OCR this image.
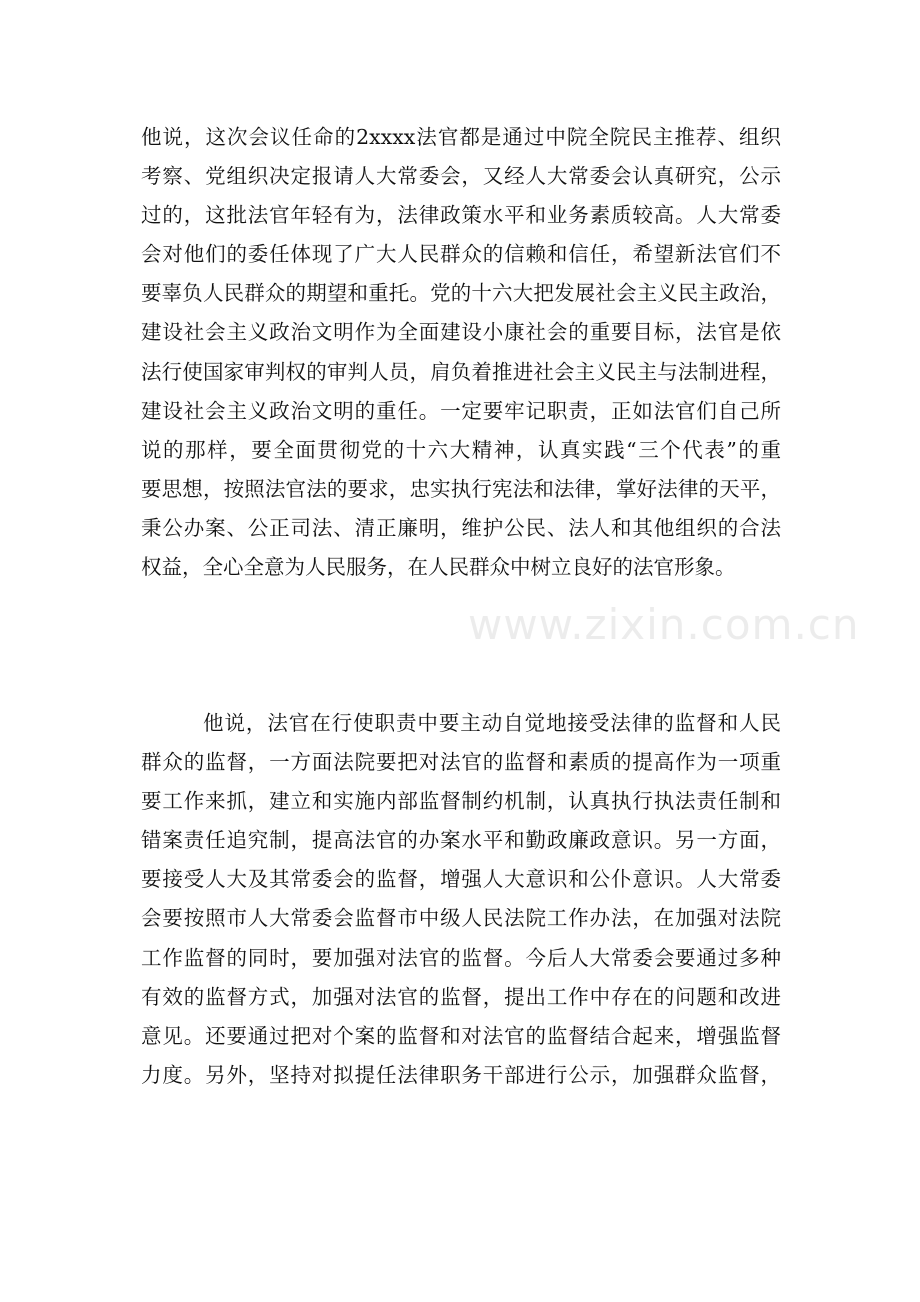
他说，这次会议任命的2xxxx法官都是通过中院全院民主推荐、组织
考察、党组织决定报请人大常委会，又经人大常委会认真研究，公示
过的，这批法官年轻有为，法律政策水平和业务素质较高。人大常委
会对他们的委任体现了广大人民群众的信赖和信任，希望新法官们不
要辜负人民群众的期望和重托。党的十六大把发展社会主义民主政治，
建设社会主义政治文明作为全面建设小康社会的重要目标，法官是依
法行使国家审判权的审判人员，肩负着推进社会主义民主与法制进程，
建设社会主义政治文明的重任。一定要牢记职责，正如法官们自己所
说的那样，要全面贯彻党的十六大精神，认真实践“三个代表”的重
要思想，按照法官法的要求，忠实执行宪法和法律，掌好法律的天平，
秉公办案、公正司法、清正廉明，维护公民、法人和其他组织的合法
权益，全心全意为人民服务，在人民群众中树立良好的法官形象。
他说，法官在行使职责中要主动自觉地接受法律的监督和人民
群众的监督，一方面法院要把对法官的监督和素质的提高作为一项重
要工作来抓，建立和实施内部监督制约机制，认真执行执法责任制和
错案责任追究制，提高法官的办案水平和勤政廉政意识。另一方面，
要接受人大及其常委会的监督，增强人大意识和公仆意识。人大常委
会要按照市人大常委会监督市中级人民法院工作办法，在加强对法院
工作监督的同时，要加强对法官的监督。今后人大常委会要通过多种
有效的监督方式，加强对法官的监督，提出工作中存在的问题和改进
意见。还要通过把对个案的监督和对法官的监督结合起来，增强监督
力度。另外，坚持对拟提任法律职务干部进行公示，加强群众监督，
www.zixin.com.cn
